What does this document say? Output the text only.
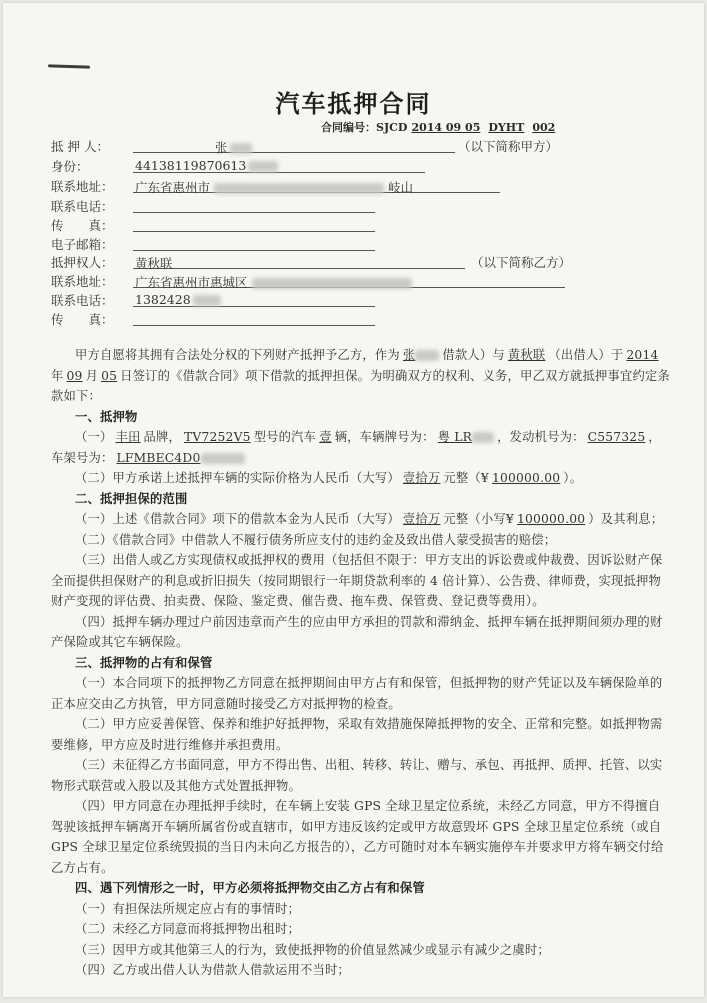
汽车抵押合同
合同编号：SJCD 2014 09 05 DYHT 002
抵 押 人：	张	（以下简称甲方）
身份：	44138119870613
联系地址： 广东省惠州市	岐山
联系电话：
传　　真：
电子邮箱：
抵押权人： 黄秋联	（以下简称乙方）
联系地址： 广东省惠州市惠城区
联系电话： 1382428
传　　真：

甲方自愿将其拥有合法处分权的下列财产抵押予乙方，作为 张 借款人）与 黄秋联 （出借人）于 2014年 09 月 05 日签订的《借款合同》项下借款的抵押担保。为明确双方的权利、义务，甲乙双方就抵押事宜约定条款如下：

一、抵押物

（一） 丰田 品牌， TV7252V5 型号的汽车 壹 辆，车辆牌号为： 粤 LR ，发动机号为： C557325 ，车架号为： LFMBEC4D0

（二）甲方承诺上述抵押车辆的实际价格为人民币（大写） 壹拾万 元整（¥ 100000.00 ）。

二、抵押担保的范围

（一）上述《借款合同》项下的借款本金为人民币（大写） 壹拾万 元整（小写¥ 100000.00 ）及其利息；

（二）《借款合同》中借款人不履行债务所应支付的违约金及致出借人蒙受损害的赔偿；

（三）出借人或乙方实现债权或抵押权的费用（包括但不限于：甲方支出的诉讼费或仲裁费、因诉讼财产保全而提供担保财产的利息或折旧损失（按同期银行一年期贷款利率的 4 倍计算）、公告费、律师费，实现抵押物财产变现的评估费、拍卖费、保险、鉴定费、催告费、拖车费、保管费、登记费等费用）。

（四）抵押车辆办理过户前因违章而产生的应由甲方承担的罚款和滞纳金、抵押车辆在抵押期间须办理的财产保险或其它车辆保险。

三、抵押物的占有和保管

（一）本合同项下的抵押物乙方同意在抵押期间由甲方占有和保管，但抵押物的财产凭证以及车辆保险单的正本应交由乙方执管，甲方同意随时接受乙方对抵押物的检查。

（二）甲方应妥善保管、保养和维护好抵押物，采取有效措施保障抵押物的安全、正常和完整。如抵押物需要维修，甲方应及时进行维修并承担费用。

（三）未征得乙方书面同意，甲方不得出售、出租、转移、转让、赠与、承包、再抵押、质押、托管、以实物形式联营或入股以及其他方式处置抵押物。

（四）甲方同意在办理抵押手续时，在车辆上安装 GPS 全球卫星定位系统，未经乙方同意，甲方不得擅自驾驶该抵押车辆离开车辆所属省份或直辖市，如甲方违反该约定或甲方故意毁坏 GPS 全球卫星定位系统（或自 GPS 全球卫星定位系统毁损的当日内未向乙方报告的），乙方可随时对本车辆实施停车并要求甲方将车辆交付给乙方占有。

四、遇下列情形之一时，甲方必须将抵押物交由乙方占有和保管

（一）有担保法所规定应占有的事情时；

（二）未经乙方同意而将抵押物出租时；

（三）因甲方或其他第三人的行为，致使抵押物的价值显然减少或显示有减少之虞时；

（四）乙方或出借人认为借款人借款运用不当时；
